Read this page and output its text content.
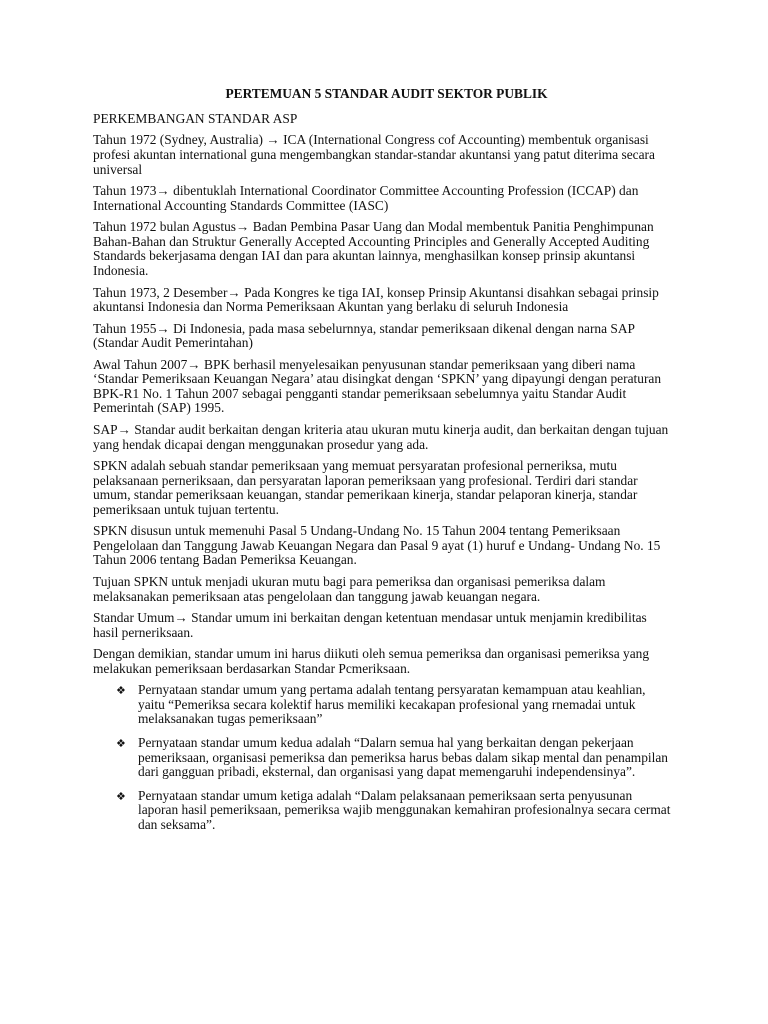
PERTEMUAN 5 STANDAR AUDIT SEKTOR PUBLIK
PERKEMBANGAN STANDAR ASP

Tahun 1972 (Sydney, Australia) → ICA (International Congress cof Accounting) membentuk organisasi profesi akuntan international guna mengembangkan standar-standar akuntansi yang patut diterima secara universal

Tahun 1973→ dibentuklah International Coordinator Committee Accounting Profession (ICCAP) dan International Accounting Standards Committee (IASC)

Tahun 1972 bulan Agustus→ Badan Pembina Pasar Uang dan Modal membentuk Panitia Penghimpunan Bahan-Bahan dan Struktur Generally Accepted Accounting Principles and Generally Accepted Auditing Standards bekerjasama dengan IAI dan para akuntan lainnya, menghasilkan konsep prinsip akuntansi Indonesia.

Tahun 1973, 2 Desember→ Pada Kongres ke tiga IAI, konsep Prinsip Akuntansi disahkan sebagai prinsip akuntansi Indonesia dan Norma Pemeriksaan Akuntan yang berlaku di seluruh Indonesia

Tahun 1955→ Di Indonesia, pada masa sebelurnnya, standar pemeriksaan dikenal dengan narna SAP (Standar Audit Pemerintahan)

Awal Tahun 2007→ BPK berhasil menyelesaikan penyusunan standar pemeriksaan yang diberi nama ‘Standar Pemeriksaan Keuangan Negara’ atau disingkat dengan ‘SPKN’ yang dipayungi dengan peraturan BPK-R1 No. 1 Tahun 2007 sebagai pengganti standar pemeriksaan sebelumnya yaitu Standar Audit Pemerintah (SAP) 1995.

SAP→ Standar audit berkaitan dengan kriteria atau ukuran mutu kinerja audit, dan berkaitan dengan tujuan yang hendak dicapai dengan menggunakan prosedur yang ada.

SPKN adalah sebuah standar pemeriksaan yang memuat persyaratan profesional perneriksa, mutu pelaksanaan perneriksaan, dan persyaratan laporan pemeriksaan yang profesional. Terdiri dari standar umum, standar pemeriksaan keuangan, standar pemerikaan kinerja, standar pelaporan kinerja, standar pemeriksaan untuk tujuan tertentu.

SPKN disusun untuk memenuhi Pasal 5 Undang-Undang No. 15 Tahun 2004 tentang Pemeriksaan Pengelolaan dan Tanggung Jawab Keuangan Negara dan Pasal 9 ayat (1) huruf e Undang- Undang No. 15 Tahun 2006 tentang Badan Pemeriksa Keuangan.

Tujuan SPKN untuk menjadi ukuran mutu bagi para pemeriksa dan organisasi pemeriksa dalam melaksanakan pemeriksaan atas pengelolaan dan tanggung jawab keuangan negara.

Standar Umum→ Standar umum ini berkaitan dengan ketentuan mendasar untuk menjamin kredibilitas hasil perneriksaan.

Dengan demikian, standar umum ini harus diikuti oleh semua pemeriksa dan organisasi pemeriksa yang melakukan pemeriksaan berdasarkan Standar Pcmeriksaan.

❖ Pernyataan standar umum yang pertama adalah tentang persyaratan kemampuan atau keahlian, yaitu “Pemeriksa secara kolektif harus memiliki kecakapan profesional yang rnemadai untuk melaksanakan tugas pemeriksaan”
❖ Pernyataan standar umum kedua adalah “Dalarn semua hal yang berkaitan dengan pekerjaan pemeriksaan, organisasi pemeriksa dan pemeriksa harus bebas dalam sikap mental dan penampilan dari gangguan pribadi, eksternal, dan organisasi yang dapat memengaruhi independensinya”.
❖ Pernyataan standar umum ketiga adalah “Dalam pelaksanaan pemeriksaan serta penyusunan laporan hasil pemeriksaan, pemeriksa wajib menggunakan kemahiran profesionalnya secara cermat dan seksama”.
